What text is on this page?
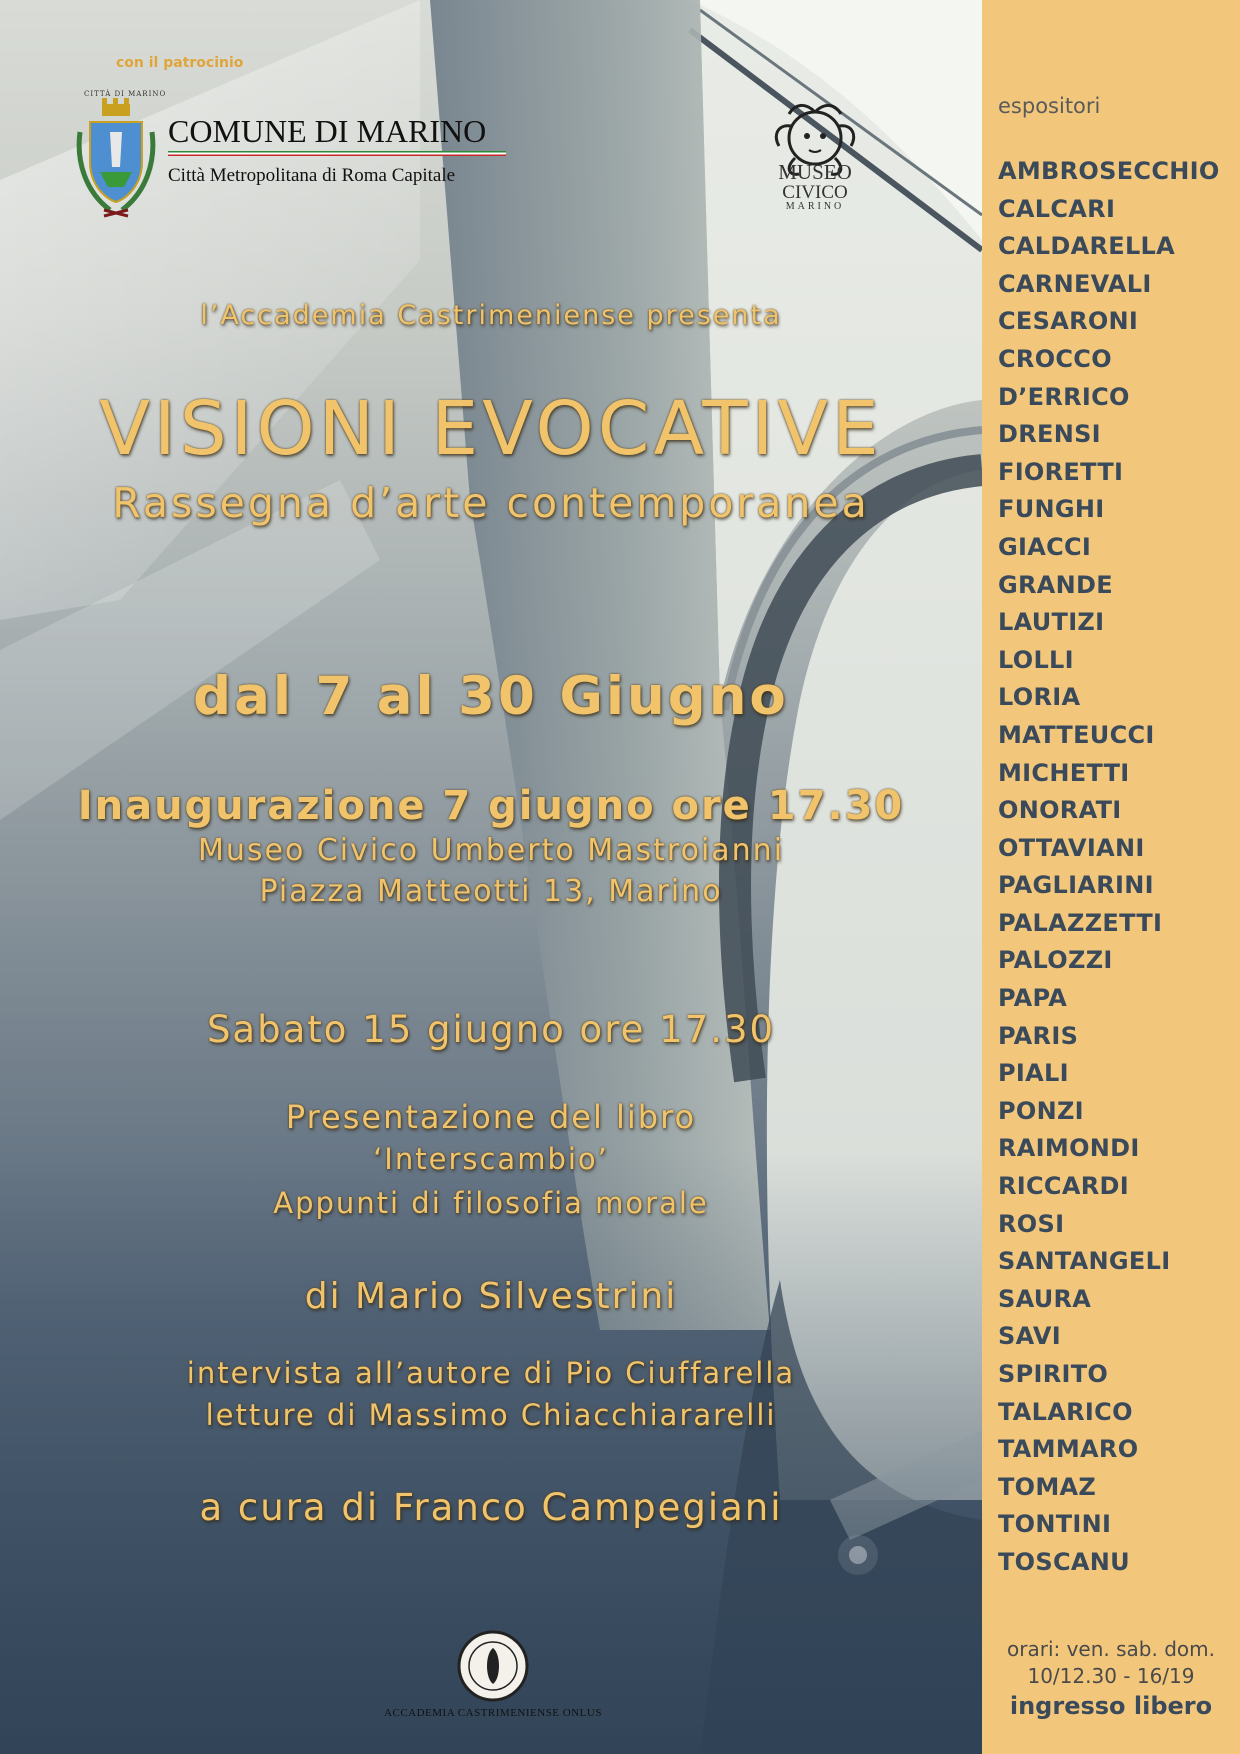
con il patrocinio
CITTÀ DI MARINO
COMUNE DI MARINO
Città Metropolitana di Roma Capitale	MUSEO
CIVICO
MARINO
l’Accademia Castrimeniense presenta
VISIONI EVOCATIVE
Rassegna d’arte contemporanea
dal 7 al 30 Giugno
Inaugurazione 7 giugno ore 17.30
Museo Civico Umberto Mastroianni
Piazza Matteotti 13, Marino
Sabato 15 giugno ore 17.30
Presentazione del libro
‘Interscambio’
Appunti di filosofia morale
di Mario Silvestrini
intervista all’autore di Pio Ciuffarella
letture di Massimo Chiacchiararelli
a cura di Franco Campegiani
ACCADEMIA CASTRIMENIENSE ONLUS
espositori
AMBROSECCHIO
CALCARI
CALDARELLA
CARNEVALI
CESARONI
CROCCO
D’ERRICO
DRENSI
FIORETTI
FUNGHI
GIACCI
GRANDE
LAUTIZI
LOLLI
LORIA
MATTEUCCI
MICHETTI
ONORATI
OTTAVIANI
PAGLIARINI
PALAZZETTI
PALOZZI
PAPA
PARIS
PIALI
PONZI
RAIMONDI
RICCARDI
ROSI
SANTANGELI
SAURA
SAVI
SPIRITO
TALARICO
TAMMARO
TOMAZ
TONTINI
TOSCANU
orari: ven. sab. dom.
10/12.30 - 16/19
ingresso libero
